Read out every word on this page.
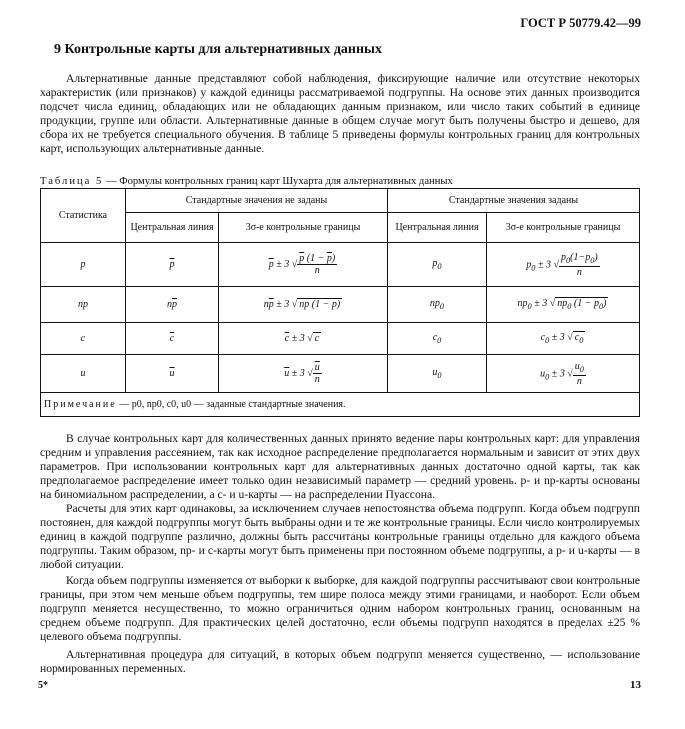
ГОСТ Р 50779.42—99
9 Контрольные карты для альтернативных данных

Альтернативные данные представляют собой наблюдения, фиксирующие наличие или отсутствие некоторых характеристик (или признаков) у каждой единицы рассматриваемой подгруппы. На основе этих данных производится подсчет числа единиц, обладающих или не обладающих данным признаком, или число таких событий в единице продукции, группе или области. Альтернативные данные в общем случае могут быть получены быстро и дешево, для сбора их не требуется специального обучения. В таблице 5 приведены формулы контрольных границ для контрольных карт, использующих альтернативные данные.

Таблица 5 — Формулы контрольных границ карт Шухарта для альтернативных данных
Статистика	Стандартные значения не заданы		Стандартные значения заданы	
	Центральная линия	3σ-е контрольные границы	Центральная линия	3σ-е контрольные границы
p	$\overline{p}$	$\overline{p} \pm 3$ √ $\frac{p (1 - \overline{p})}{n}$	$p_0$	$p_0 \pm 3$ √ $\frac{p_0(1-p_0)}{n}$

np	$n\overline{p}$	$n\overline{p} \pm 3$ √ $n\overline{p}$ $(1 - \overline{p})$	$np_0$	$np_0 \pm 3$ √ $np_0$ $(1 - p_0)$
c	$\overline{c}$	$\overline{c} \pm 3$ √ c	$c_0$	$c_0 \pm 3$ √ $c_0$
u	$\overline{u}$	$\overline{u} \pm 3$ √ $\frac{u}{n}$	$u_0$	$u_0 \pm 3$ √ $\frac{u_0}{n}$

Примечание — p0, np0, c0, u0 — заданные стандартные значения.				

В случае контрольных карт для количественных данных принято ведение пары контрольных карт: для управления средним и управления рассеянием, так как исходное распределение предполагается нормальным и зависит от этих двух параметров. При использовании контрольных карт для альтернативных данных достаточно одной карты, так как предполагаемое распределение имеет только один независимый параметр — средний уровень. p- и np-карты основаны на биномиальном распределении, а c- и u-карты — на распределении Пуассона.

Расчеты для этих карт одинаковы, за исключением случаев непостоянства объема подгрупп. Когда объем подгрупп постоянен, для каждой подгруппы могут быть выбраны одни и те же контрольные границы. Если число контролируемых единиц в каждой подгруппе различно, должны быть рассчитаны контрольные границы отдельно для каждого объема подгруппы. Таким образом, np- и c-карты могут быть применены при постоянном объеме подгруппы, а p- и u-карты — в любой ситуации.

Когда объем подгруппы изменяется от выборки к выборке, для каждой подгруппы рассчитывают свои контрольные границы, при этом чем меньше объем подгруппы, тем шире полоса между этими границами, и наоборот. Если объем подгрупп меняется несущественно, то можно ограничиться одним набором контрольных границ, основанным на среднем объеме подгрупп. Для практических целей достаточно, если объемы подгрупп находятся в пределах ±25 % целевого объема подгруппы.

Альтернативная процедура для ситуаций, в которых объем подгрупп меняется существенно, — использование нормированных переменных.

5*	13
